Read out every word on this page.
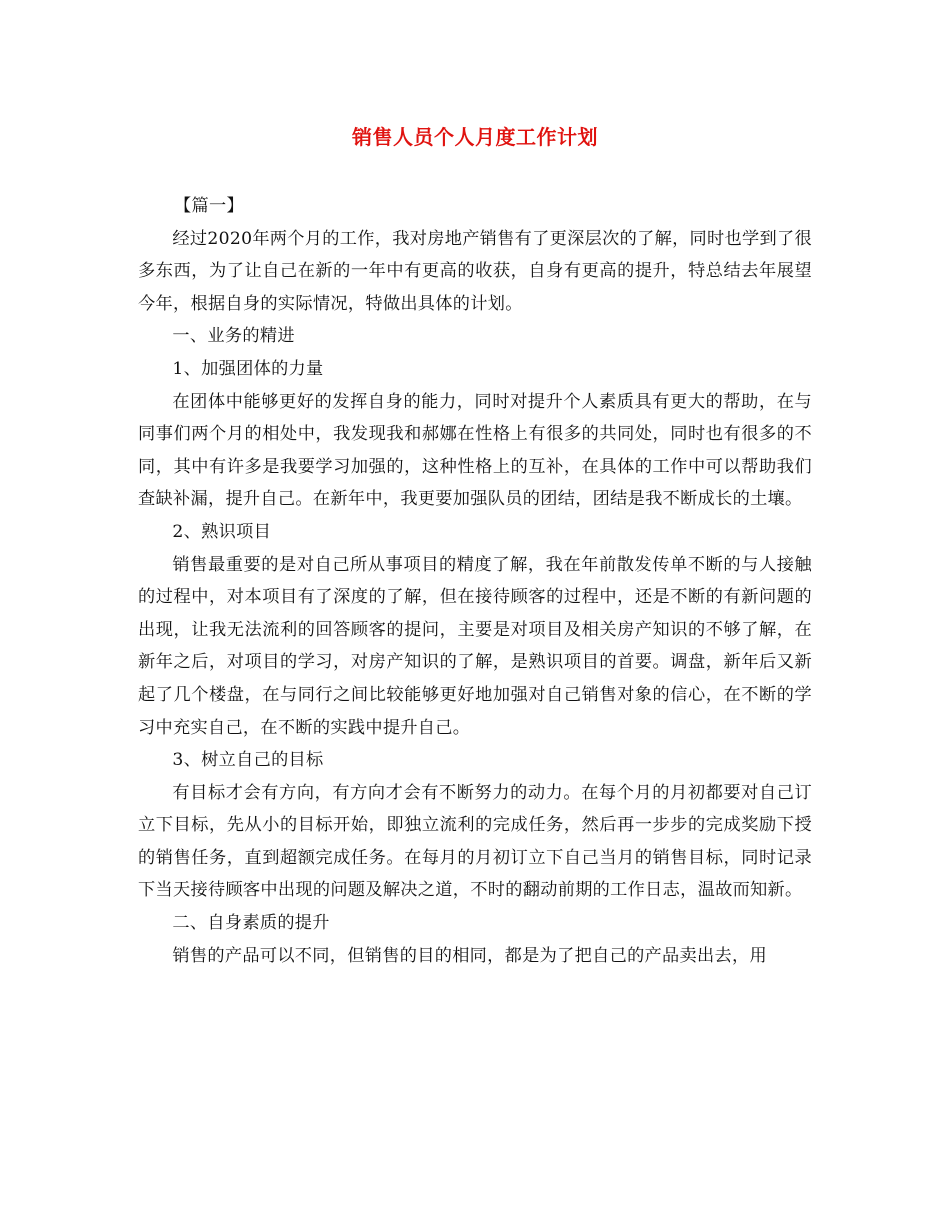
销售人员个人月度工作计划

【篇一】

经过2020年两个月的工作，我对房地产销售有了更深层次的了解，同时也学到了很多东西，为了让自己在新的一年中有更高的收获，自身有更高的提升，特总结去年展望今年，根据自身的实际情况，特做出具体的计划。

一、业务的精进

1、加强团体的力量

在团体中能够更好的发挥自身的能力，同时对提升个人素质具有更大的帮助，在与同事们两个月的相处中，我发现我和郝娜在性格上有很多的共同处，同时也有很多的不同，其中有许多是我要学习加强的，这种性格上的互补，在具体的工作中可以帮助我们查缺补漏，提升自己。在新年中，我更要加强队员的团结，团结是我不断成长的土壤。

2、熟识项目

销售最重要的是对自己所从事项目的精度了解，我在年前散发传单不断的与人接触的过程中，对本项目有了深度的了解，但在接待顾客的过程中，还是不断的有新问题的出现，让我无法流利的回答顾客的提问，主要是对项目及相关房产知识的不够了解，在新年之后，对项目的学习，对房产知识的了解，是熟识项目的首要。调盘，新年后又新起了几个楼盘，在与同行之间比较能够更好地加强对自己销售对象的信心，在不断的学习中充实自己，在不断的实践中提升自己。

3、树立自己的目标

有目标才会有方向，有方向才会有不断努力的动力。在每个月的月初都要对自己订立下目标，先从小的目标开始，即独立流利的完成任务，然后再一步步的完成奖励下授的销售任务，直到超额完成任务。在每月的月初订立下自己当月的销售目标，同时记录下当天接待顾客中出现的问题及解决之道，不时的翻动前期的工作日志，温故而知新。

二、自身素质的提升

销售的产品可以不同，但销售的目的相同，都是为了把自己的产品卖出去，用
